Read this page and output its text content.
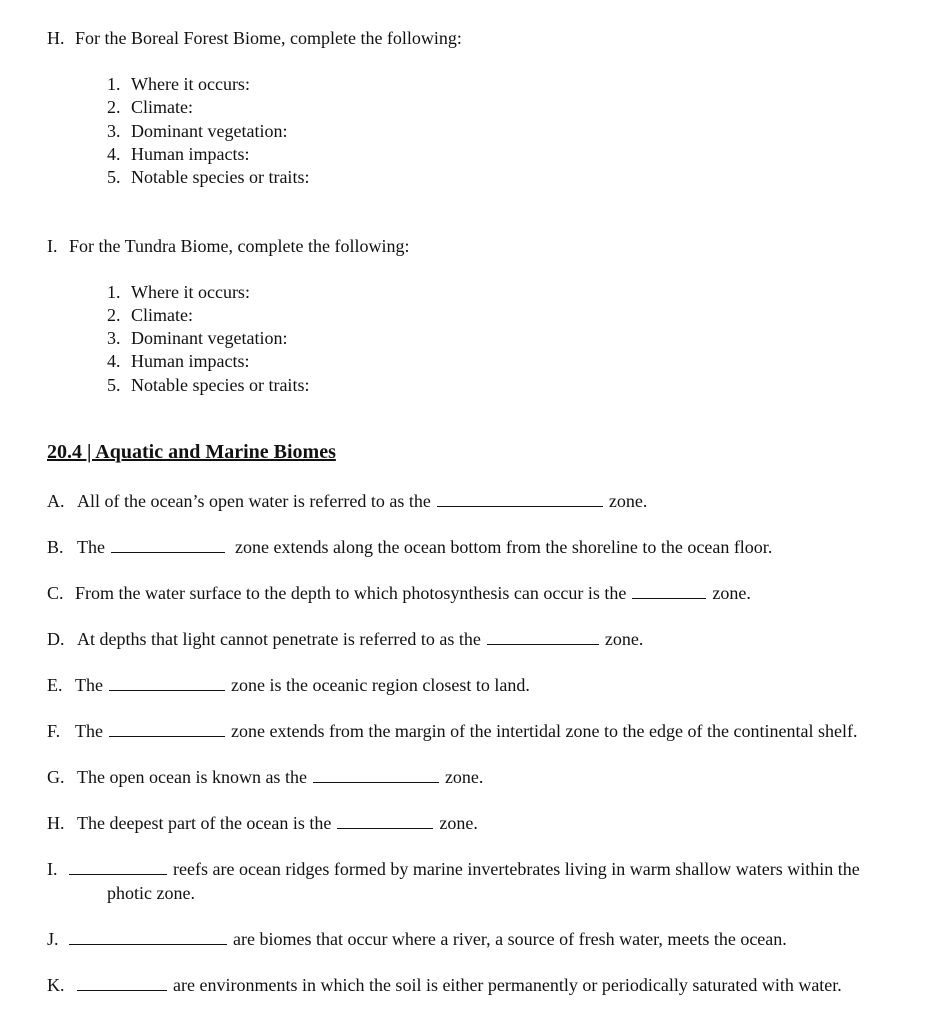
H. For the Boreal Forest Biome, complete the following:
1. Where it occurs:
2. Climate:
3. Dominant vegetation:
4. Human impacts:
5. Notable species or traits:
I. For the Tundra Biome, complete the following:
1. Where it occurs:
2. Climate:
3. Dominant vegetation:
4. Human impacts:
5. Notable species or traits:
20.4 | Aquatic and Marine Biomes
A. All of the ocean’s open water is referred to as the	zone.
B. The	zone extends along the ocean bottom from the shoreline to the ocean floor.
C. From the water surface to the depth to which photosynthesis can occur is the	zone.
D. At depths that light cannot penetrate is referred to as the	zone.
E. The	zone is the oceanic region closest to land.
F. The	zone extends from the margin of the intertidal zone to the edge of the continental shelf.
G. The open ocean is known as the	zone.
H. The deepest part of the ocean is the	zone.
I.	reefs are ocean ridges formed by marine invertebrates living in warm shallow waters within the
photic zone.
J.	are biomes that occur where a river, a source of fresh water, meets the ocean.
K.	are environments in which the soil is either permanently or periodically saturated with water.
